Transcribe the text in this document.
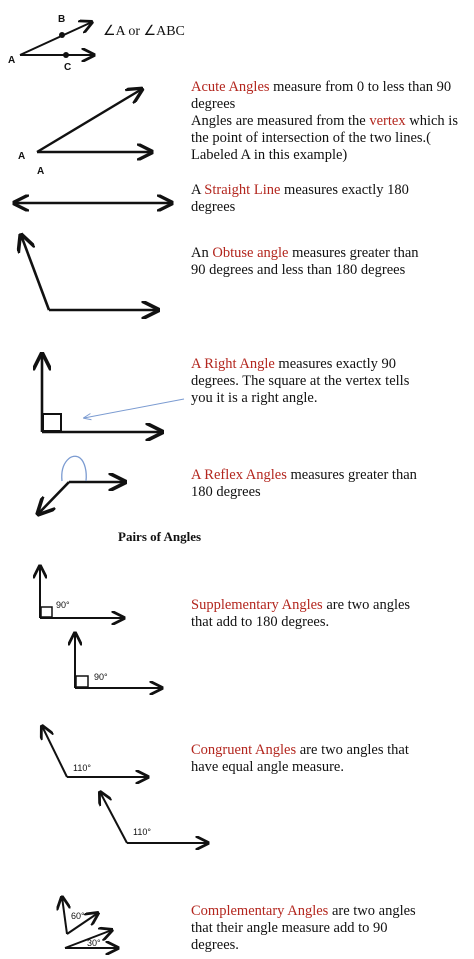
B
A
C
A
A
90°
90°
110°
110°
60°
30°
∠A or ∠ABC
Acute Angles measure from 0 to less than 90 degrees
Angles are measured from the vertex which is the point of intersection of the two lines.( Labeled A in this example)
A Straight Line measures exactly 180 degrees
An Obtuse angle measures greater than 90 degrees and less than 180 degrees
A Right Angle measures exactly 90 degrees. The square at the vertex tells you it is a right angle.
A Reflex Angles measures greater than 180 degrees
Pairs of Angles
Supplementary Angles are two angles that add to 180 degrees.
Congruent Angles are two angles that have equal angle measure.
Complementary Angles are two angles that their angle measure add to 90 degrees.
